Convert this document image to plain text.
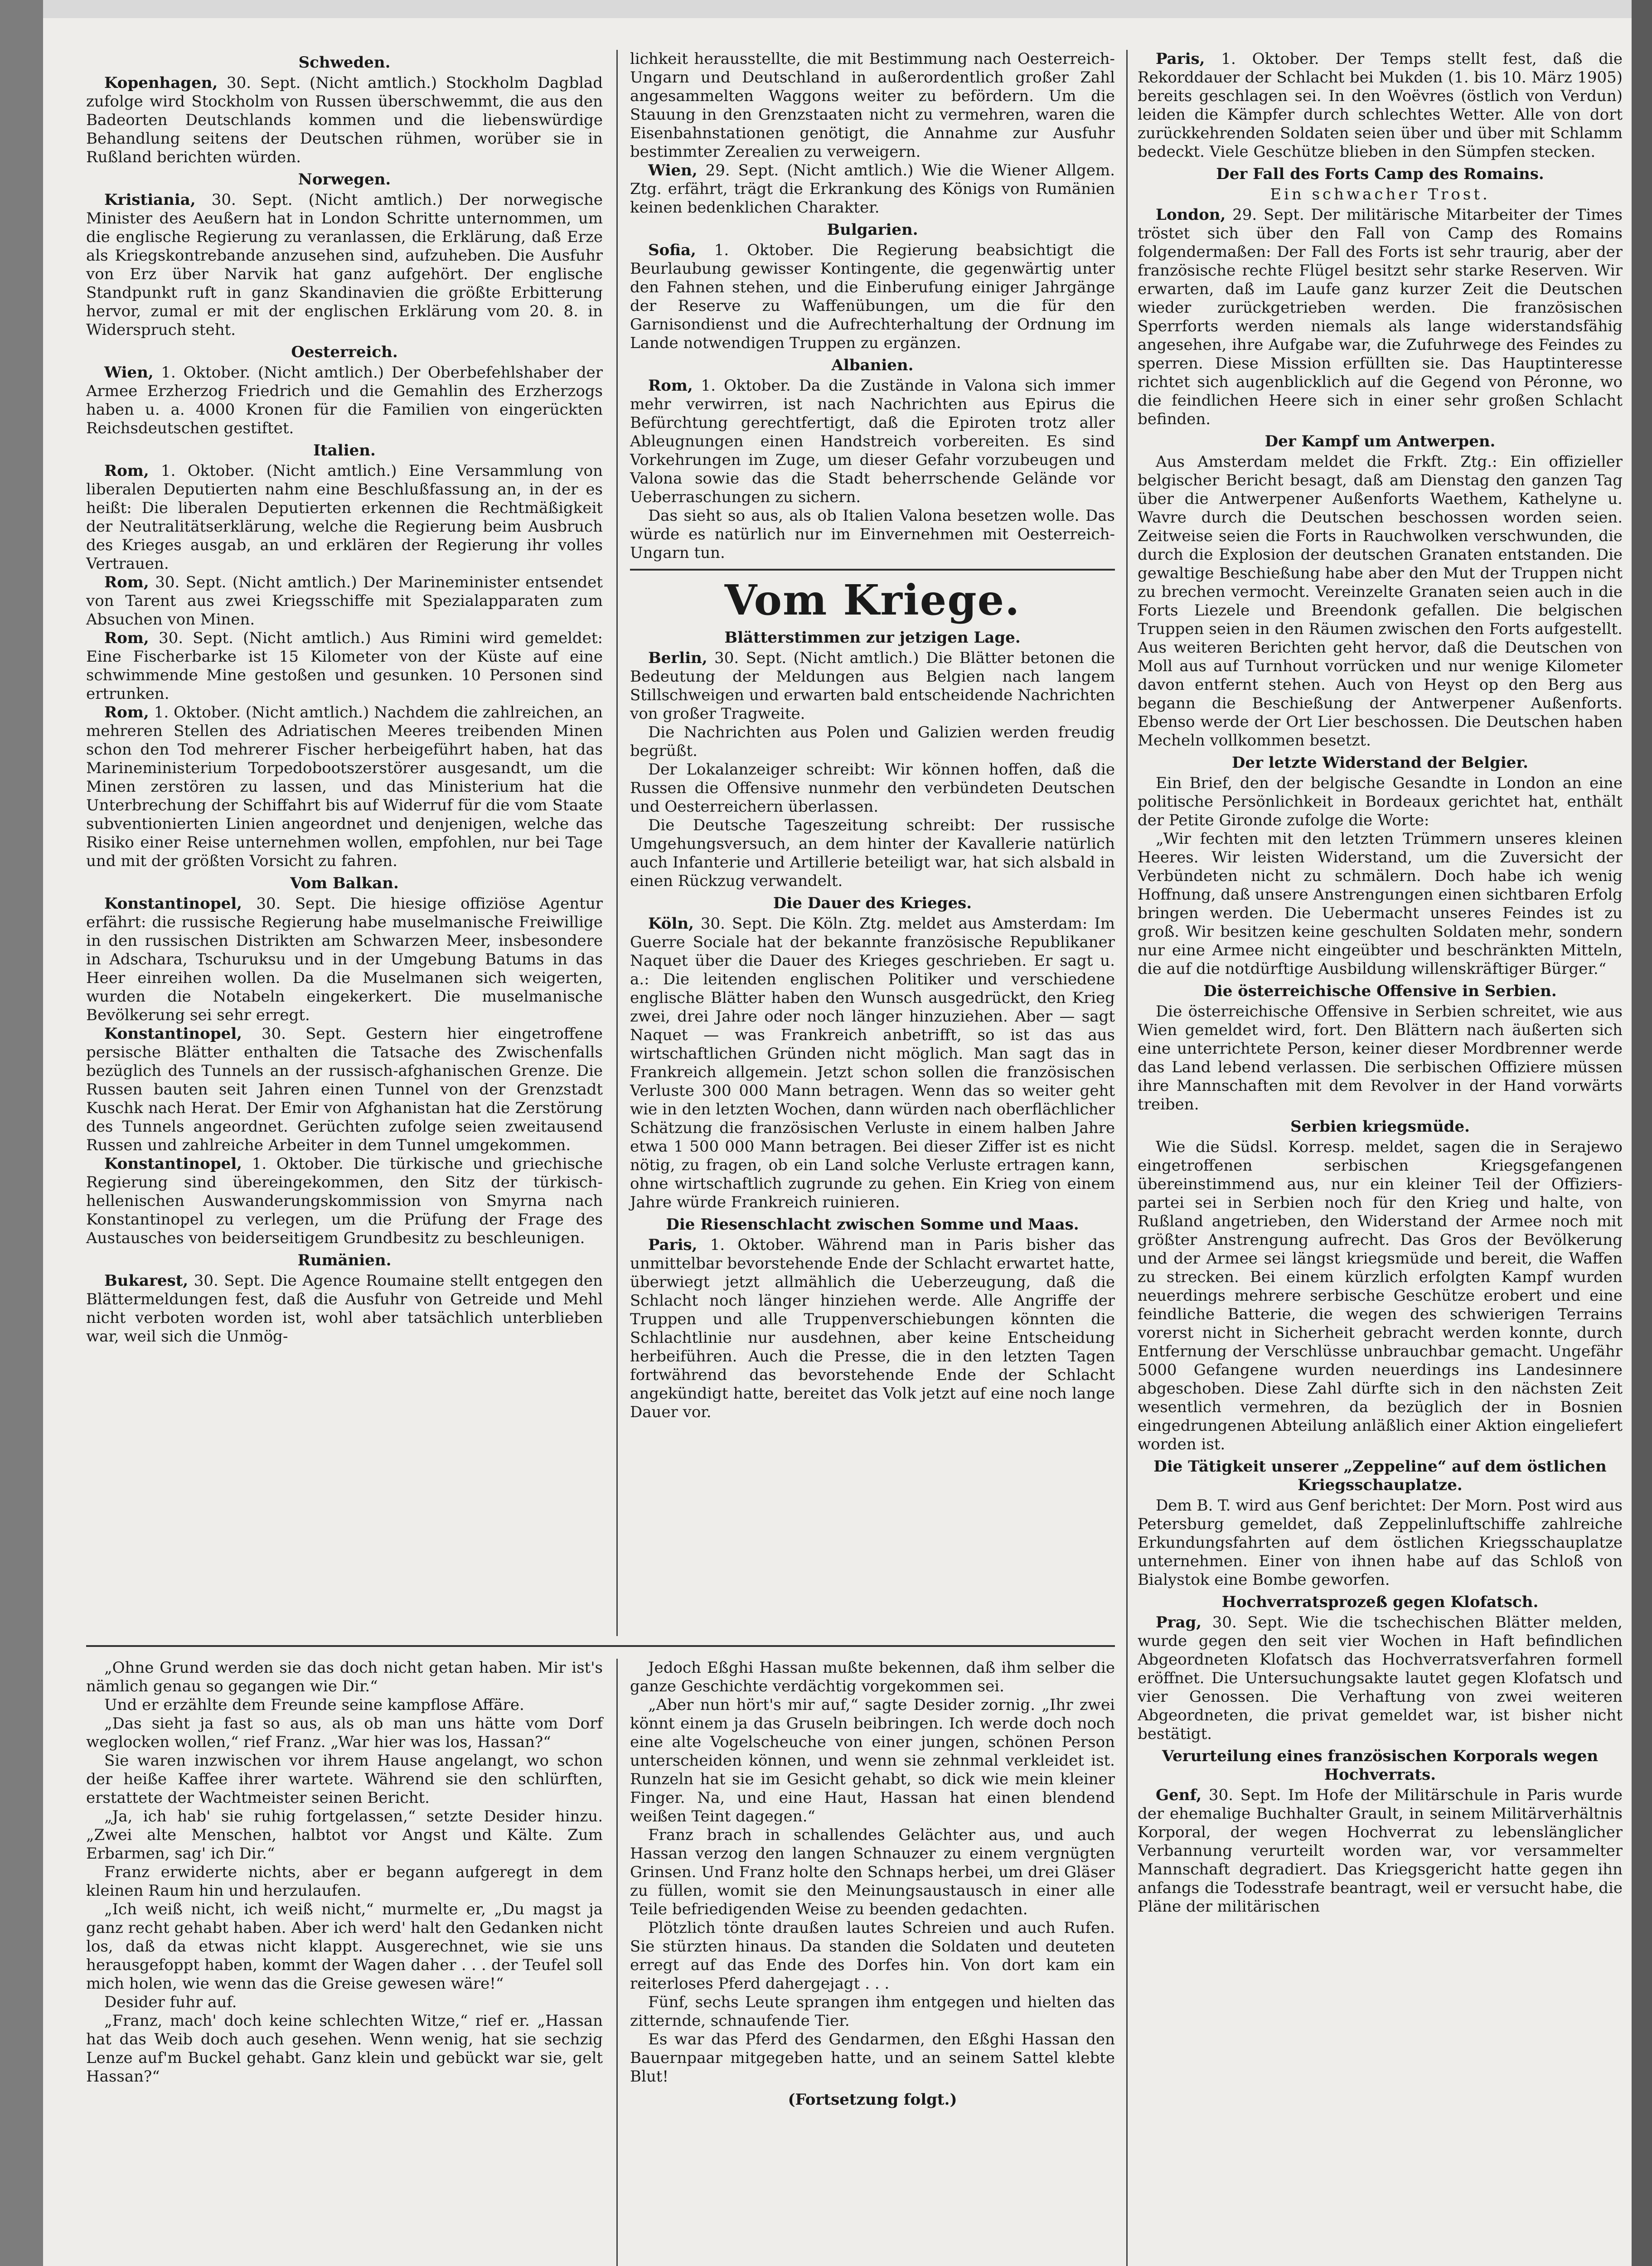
Schweden.

Kopenhagen, 30. Sept. (Nicht amtlich.) Stockholm Dagblad zufolge wird Stockholm von Russen überschwemmt, die aus den Badeorten Deutschlands kommen und die liebenswürdige Behandlung seitens der Deutschen rühmen, worüber sie in Rußland berichten würden.

Norwegen.

Kristiania, 30. Sept. (Nicht amtlich.) Der norwegische Minister des Aeußern hat in London Schritte unternommen, um die englische Regierung zu veranlassen, die Erklärung, daß Erze als Kriegskontrebande anzusehen sind, aufzuheben. Die Ausfuhr von Erz über Narvik hat ganz aufgehört. Der englische Standpunkt ruft in ganz Skandinavien die größte Erbitterung hervor, zumal er mit der englischen Erklärung vom 20. 8. in Widerspruch steht.

Oesterreich.

Wien, 1. Oktober. (Nicht amtlich.) Der Oberbefehlshaber der Armee Erzherzog Friedrich und die Gemahlin des Erzherzogs haben u. a. 4000 Kronen für die Familien von eingerückten Reichsdeutschen gestiftet.

Italien.

Rom, 1. Oktober. (Nicht amtlich.) Eine Versammlung von liberalen Deputierten nahm eine Beschlußfassung an, in der es heißt: Die liberalen Deputierten erkennen die Rechtmäßigkeit der Neutralitätserklärung, welche die Regierung beim Ausbruch des Krieges ausgab, an und erklären der Regierung ihr volles Vertrauen.

Rom, 30. Sept. (Nicht amtlich.) Der Marineminister entsendet von Tarent aus zwei Kriegsschiffe mit Spezialapparaten zum Absuchen von Minen.

Rom, 30. Sept. (Nicht amtlich.) Aus Rimini wird gemeldet: Eine Fischerbarke ist 15 Kilometer von der Küste auf eine schwimmende Mine gestoßen und gesunken. 10 Personen sind ertrunken.

Rom, 1. Oktober. (Nicht amtlich.) Nachdem die zahlreichen, an mehreren Stellen des Adriatischen Meeres treibenden Minen schon den Tod mehrerer Fischer herbeigeführt haben, hat das Marineministerium Torpedobootszerstörer ausgesandt, um die Minen zerstören zu lassen, und das Ministerium hat die Unterbrechung der Schiffahrt bis auf Widerruf für die vom Staate subventionierten Linien angeordnet und denjenigen, welche das Risiko einer Reise unternehmen wollen, empfohlen, nur bei Tage und mit der größten Vorsicht zu fahren.

Vom Balkan.

Konstantinopel, 30. Sept. Die hiesige offiziöse Agentur erfährt: die russische Regierung habe muselmanische Freiwillige in den russischen Distrikten am Schwarzen Meer, insbesondere in Adschara, Tschuruksu und in der Umgebung Batums in das Heer einreihen wollen. Da die Muselmanen sich weigerten, wurden die Notabeln eingekerkert. Die muselmanische Bevölkerung sei sehr erregt.

Konstantinopel, 30. Sept. Gestern hier eingetroffene persische Blätter enthalten die Tatsache des Zwischenfalls bezüglich des Tunnels an der russisch-afghanischen Grenze. Die Russen bauten seit Jahren einen Tunnel von der Grenzstadt Kuschk nach Herat. Der Emir von Afghanistan hat die Zerstörung des Tunnels angeordnet. Gerüchten zufolge seien zweitausend Russen und zahlreiche Arbeiter in dem Tunnel umgekommen.

Konstantinopel, 1. Oktober. Die türkische und griechische Regierung sind übereingekommen, den Sitz der türkisch-hellenischen Auswanderungskommission von Smyrna nach Konstantinopel zu verlegen, um die Prüfung der Frage des Austausches von beiderseitigem Grundbesitz zu beschleunigen.

Rumänien.

Bukarest, 30. Sept. Die Agence Roumaine stellt entgegen den Blättermeldungen fest, daß die Ausfuhr von Getreide und Mehl nicht verboten worden ist, wohl aber tatsächlich unterblieben war, weil sich die Unmög-

lichkeit herausstellte, die mit Bestimmung nach Oesterreich-Ungarn und Deutschland in außerordentlich großer Zahl angesammelten Waggons weiter zu befördern. Um die Stauung in den Grenzstaaten nicht zu vermehren, waren die Eisenbahnstationen genötigt, die Annahme zur Ausfuhr bestimmter Zerealien zu verweigern.

Wien, 29. Sept. (Nicht amtlich.) Wie die Wiener Allgem. Ztg. erfährt, trägt die Erkrankung des Königs von Rumänien keinen bedenklichen Charakter.

Bulgarien.

Sofia, 1. Oktober. Die Regierung beabsichtigt die Beurlaubung gewisser Kontingente, die gegenwärtig unter den Fahnen stehen, und die Einberufung einiger Jahrgänge der Reserve zu Waffenübungen, um die für den Garnisondienst und die Aufrechterhaltung der Ordnung im Lande notwendigen Truppen zu ergänzen.

Albanien.

Rom, 1. Oktober. Da die Zustände in Valona sich immer mehr verwirren, ist nach Nachrichten aus Epirus die Befürchtung gerechtfertigt, daß die Epiroten trotz aller Ableugnungen einen Handstreich vorbereiten. Es sind Vorkehrungen im Zuge, um dieser Gefahr vorzubeugen und Valona sowie das die Stadt beherrschende Gelände vor Ueberraschungen zu sichern.

Das sieht so aus, als ob Italien Valona besetzen wolle. Das würde es natürlich nur im Einvernehmen mit Oesterreich-Ungarn tun.

Vom Kriege.
Blätterstimmen zur jetzigen Lage.

Berlin, 30. Sept. (Nicht amtlich.) Die Blätter betonen die Bedeutung der Meldungen aus Belgien nach langem Stillschweigen und erwarten bald entscheidende Nachrichten von großer Tragweite.

Die Nachrichten aus Polen und Galizien werden freudig begrüßt.

Der Lokalanzeiger schreibt: Wir können hoffen, daß die Russen die Offensive nunmehr den verbündeten Deutschen und Oesterreichern überlassen.

Die Deutsche Tageszeitung schreibt: Der russische Umgehungsversuch, an dem hinter der Kavallerie natürlich auch Infanterie und Artillerie beteiligt war, hat sich alsbald in einen Rückzug verwandelt.

Die Dauer des Krieges.

Köln, 30. Sept. Die Köln. Ztg. meldet aus Amsterdam: Im Guerre Sociale hat der bekannte französische Republikaner Naquet über die Dauer des Krieges geschrieben. Er sagt u. a.: Die leitenden englischen Politiker und verschiedene englische Blätter haben den Wunsch ausgedrückt, den Krieg zwei, drei Jahre oder noch länger hinzuziehen. Aber — sagt Naquet — was Frankreich anbetrifft, so ist das aus wirtschaftlichen Gründen nicht möglich. Man sagt das in Frankreich allgemein. Jetzt schon sollen die französischen Verluste 300 000 Mann betragen. Wenn das so weiter geht wie in den letzten Wochen, dann würden nach oberflächlicher Schätzung die französischen Verluste in einem halben Jahre etwa 1 500 000 Mann betragen. Bei dieser Ziffer ist es nicht nötig, zu fragen, ob ein Land solche Verluste ertragen kann, ohne wirtschaftlich zugrunde zu gehen. Ein Krieg von einem Jahre würde Frankreich ruinieren.

Die Riesenschlacht zwischen Somme und Maas.

Paris, 1. Oktober. Während man in Paris bisher das unmittelbar bevorstehende Ende der Schlacht erwartet hatte, überwiegt jetzt allmählich die Ueberzeugung, daß die Schlacht noch länger hinziehen werde. Alle Angriffe der Truppen und alle Truppenverschiebungen könnten die Schlachtlinie nur ausdehnen, aber keine Entscheidung herbeiführen. Auch die Presse, die in den letzten Tagen fortwährend das bevorstehende Ende der Schlacht angekündigt hatte, bereitet das Volk jetzt auf eine noch lange Dauer vor.

Paris, 1. Oktober. Der Temps stellt fest, daß die Rekorddauer der Schlacht bei Mukden (1. bis 10. März 1905) bereits geschlagen sei. In den Woëvres (östlich von Verdun) leiden die Kämpfer durch schlechtes Wetter. Alle von dort zurückkehrenden Soldaten seien über und über mit Schlamm bedeckt. Viele Geschütze blieben in den Sümpfen stecken.

Der Fall des Forts Camp des Romains.
Ein schwacher Trost.

London, 29. Sept. Der militärische Mitarbeiter der Times tröstet sich über den Fall von Camp des Romains folgendermaßen: Der Fall des Forts ist sehr traurig, aber der französische rechte Flügel besitzt sehr starke Reserven. Wir erwarten, daß im Laufe ganz kurzer Zeit die Deutschen wieder zurückgetrieben werden. Die französischen Sperrforts werden niemals als lange widerstandsfähig angesehen, ihre Aufgabe war, die Zufuhrwege des Feindes zu sperren. Diese Mission erfüllten sie. Das Hauptinteresse richtet sich augenblicklich auf die Gegend von Péronne, wo die feindlichen Heere sich in einer sehr großen Schlacht befinden.

Der Kampf um Antwerpen.

Aus Amsterdam meldet die Frkft. Ztg.: Ein offizieller belgischer Bericht besagt, daß am Dienstag den ganzen Tag über die Antwerpener Außenforts Waethem, Kathelyne u. Wavre durch die Deutschen beschossen worden seien. Zeitweise seien die Forts in Rauchwolken verschwunden, die durch die Explosion der deutschen Granaten entstanden. Die gewaltige Beschießung habe aber den Mut der Truppen nicht zu brechen vermocht. Vereinzelte Granaten seien auch in die Forts Liezele und Breendonk gefallen. Die belgischen Truppen seien in den Räumen zwischen den Forts aufgestellt. Aus weiteren Berichten geht hervor, daß die Deutschen von Moll aus auf Turnhout vorrücken und nur wenige Kilometer davon entfernt stehen. Auch von Heyst op den Berg aus begann die Beschießung der Antwerpener Außenforts. Ebenso werde der Ort Lier beschossen. Die Deutschen haben Mecheln vollkommen besetzt.

Der letzte Widerstand der Belgier.

Ein Brief, den der belgische Gesandte in London an eine politische Persönlichkeit in Bordeaux gerichtet hat, enthält der Petite Gironde zufolge die Worte:

„Wir fechten mit den letzten Trümmern unseres kleinen Heeres. Wir leisten Widerstand, um die Zuversicht der Verbündeten nicht zu schmälern. Doch habe ich wenig Hoffnung, daß unsere Anstrengungen einen sichtbaren Erfolg bringen werden. Die Uebermacht unseres Feindes ist zu groß. Wir besitzen keine geschulten Soldaten mehr, sondern nur eine Armee nicht eingeübter und beschränkten Mitteln, die auf die notdürftige Ausbildung willenskräftiger Bürger.“

Die österreichische Offensive in Serbien.

Die österreichische Offensive in Serbien schreitet, wie aus Wien gemeldet wird, fort. Den Blättern nach äußerten sich eine unterrichtete Person, keiner dieser Mordbrenner werde das Land lebend verlassen. Die serbischen Offiziere müssen ihre Mannschaften mit dem Revolver in der Hand vorwärts treiben.

Serbien kriegsmüde.

Wie die Südsl. Korresp. meldet, sagen die in Serajewo eingetroffenen serbischen Kriegsgefangenen übereinstimmend aus, nur ein kleiner Teil der Offiziers- partei sei in Serbien noch für den Krieg und halte, von Rußland angetrieben, den Widerstand der Armee noch mit größter Anstrengung aufrecht. Das Gros der Bevölkerung und der Armee sei längst kriegsmüde und bereit, die Waffen zu strecken. Bei einem kürzlich erfolgten Kampf wurden neuerdings mehrere serbische Geschütze erobert und eine feindliche Batterie, die wegen des schwierigen Terrains vorerst nicht in Sicherheit gebracht werden konnte, durch Entfernung der Verschlüsse unbrauchbar gemacht. Ungefähr 5000 Gefangene wurden neuerdings ins Landesinnere abgeschoben. Diese Zahl dürfte sich in den nächsten Zeit wesentlich vermehren, da bezüglich der in Bosnien eingedrungenen Abteilung anläßlich einer Aktion eingeliefert worden ist.

Die Tätigkeit unserer „Zeppeline“ auf dem östlichen Kriegsschauplatze.

Dem B. T. wird aus Genf berichtet: Der Morn. Post wird aus Petersburg gemeldet, daß Zeppelinluftschiffe zahlreiche Erkundungsfahrten auf dem östlichen Kriegsschauplatze unternehmen. Einer von ihnen habe auf das Schloß von Bialystok eine Bombe geworfen.

Hochverratsprozeß gegen Klofatsch.

Prag, 30. Sept. Wie die tschechischen Blätter melden, wurde gegen den seit vier Wochen in Haft befindlichen Abgeordneten Klofatsch das Hochverratsverfahren formell eröffnet. Die Untersuchungsakte lautet gegen Klofatsch und vier Genossen. Die Verhaftung von zwei weiteren Abgeordneten, die privat gemeldet war, ist bisher nicht bestätigt.

Verurteilung eines französischen Korporals wegen Hochverrats.

Genf, 30. Sept. Im Hofe der Militärschule in Paris wurde der ehemalige Buchhalter Grault, in seinem Militärverhältnis Korporal, der wegen Hochverrat zu lebenslänglicher Verbannung verurteilt worden war, vor versammelter Mannschaft degradiert. Das Kriegsgericht hatte gegen ihn anfangs die Todesstrafe beantragt, weil er versucht habe, die Pläne der militärischen

„Ohne Grund werden sie das doch nicht getan haben. Mir ist's nämlich genau so gegangen wie Dir.“

Und er erzählte dem Freunde seine kampflose Affäre.

„Das sieht ja fast so aus, als ob man uns hätte vom Dorf weglocken wollen,“ rief Franz. „War hier was los, Hassan?“

Sie waren inzwischen vor ihrem Hause angelangt, wo schon der heiße Kaffee ihrer wartete. Während sie den schlürften, erstattete der Wachtmeister seinen Bericht.

„Ja, ich hab' sie ruhig fortgelassen,“ setzte Desider hinzu. „Zwei alte Menschen, halbtot vor Angst und Kälte. Zum Erbarmen, sag' ich Dir.“

Franz erwiderte nichts, aber er begann aufgeregt in dem kleinen Raum hin und herzulaufen.

„Ich weiß nicht, ich weiß nicht,“ murmelte er, „Du magst ja ganz recht gehabt haben. Aber ich werd' halt den Gedanken nicht los, daß da etwas nicht klappt. Ausgerechnet, wie sie uns herausgefoppt haben, kommt der Wagen daher . . . der Teufel soll mich holen, wie wenn das die Greise gewesen wäre!“

Desider fuhr auf.

„Franz, mach' doch keine schlechten Witze,“ rief er. „Hassan hat das Weib doch auch gesehen. Wenn wenig, hat sie sechzig Lenze auf'm Buckel gehabt. Ganz klein und gebückt war sie, gelt Hassan?“

Jedoch Eßghi Hassan mußte bekennen, daß ihm selber die ganze Geschichte verdächtig vorgekommen sei.

„Aber nun hört's mir auf,“ sagte Desider zornig. „Ihr zwei könnt einem ja das Gruseln beibringen. Ich werde doch noch eine alte Vogelscheuche von einer jungen, schönen Person unterscheiden können, und wenn sie zehnmal verkleidet ist. Runzeln hat sie im Gesicht gehabt, so dick wie mein kleiner Finger. Na, und eine Haut, Hassan hat einen blendend weißen Teint dagegen.“

Franz brach in schallendes Gelächter aus, und auch Hassan verzog den langen Schnauzer zu einem vergnügten Grinsen. Und Franz holte den Schnaps herbei, um drei Gläser zu füllen, womit sie den Meinungsaustausch in einer alle Teile befriedigenden Weise zu beenden gedachten.

Plötzlich tönte draußen lautes Schreien und auch Rufen. Sie stürzten hinaus. Da standen die Soldaten und deuteten erregt auf das Ende des Dorfes hin. Von dort kam ein reiterloses Pferd dahergejagt . . .

Fünf, sechs Leute sprangen ihm entgegen und hielten das zitternde, schnaufende Tier.

Es war das Pferd des Gendarmen, den Eßghi Hassan den Bauernpaar mitgegeben hatte, und an seinem Sattel klebte Blut!

(Fortsetzung folgt.)
